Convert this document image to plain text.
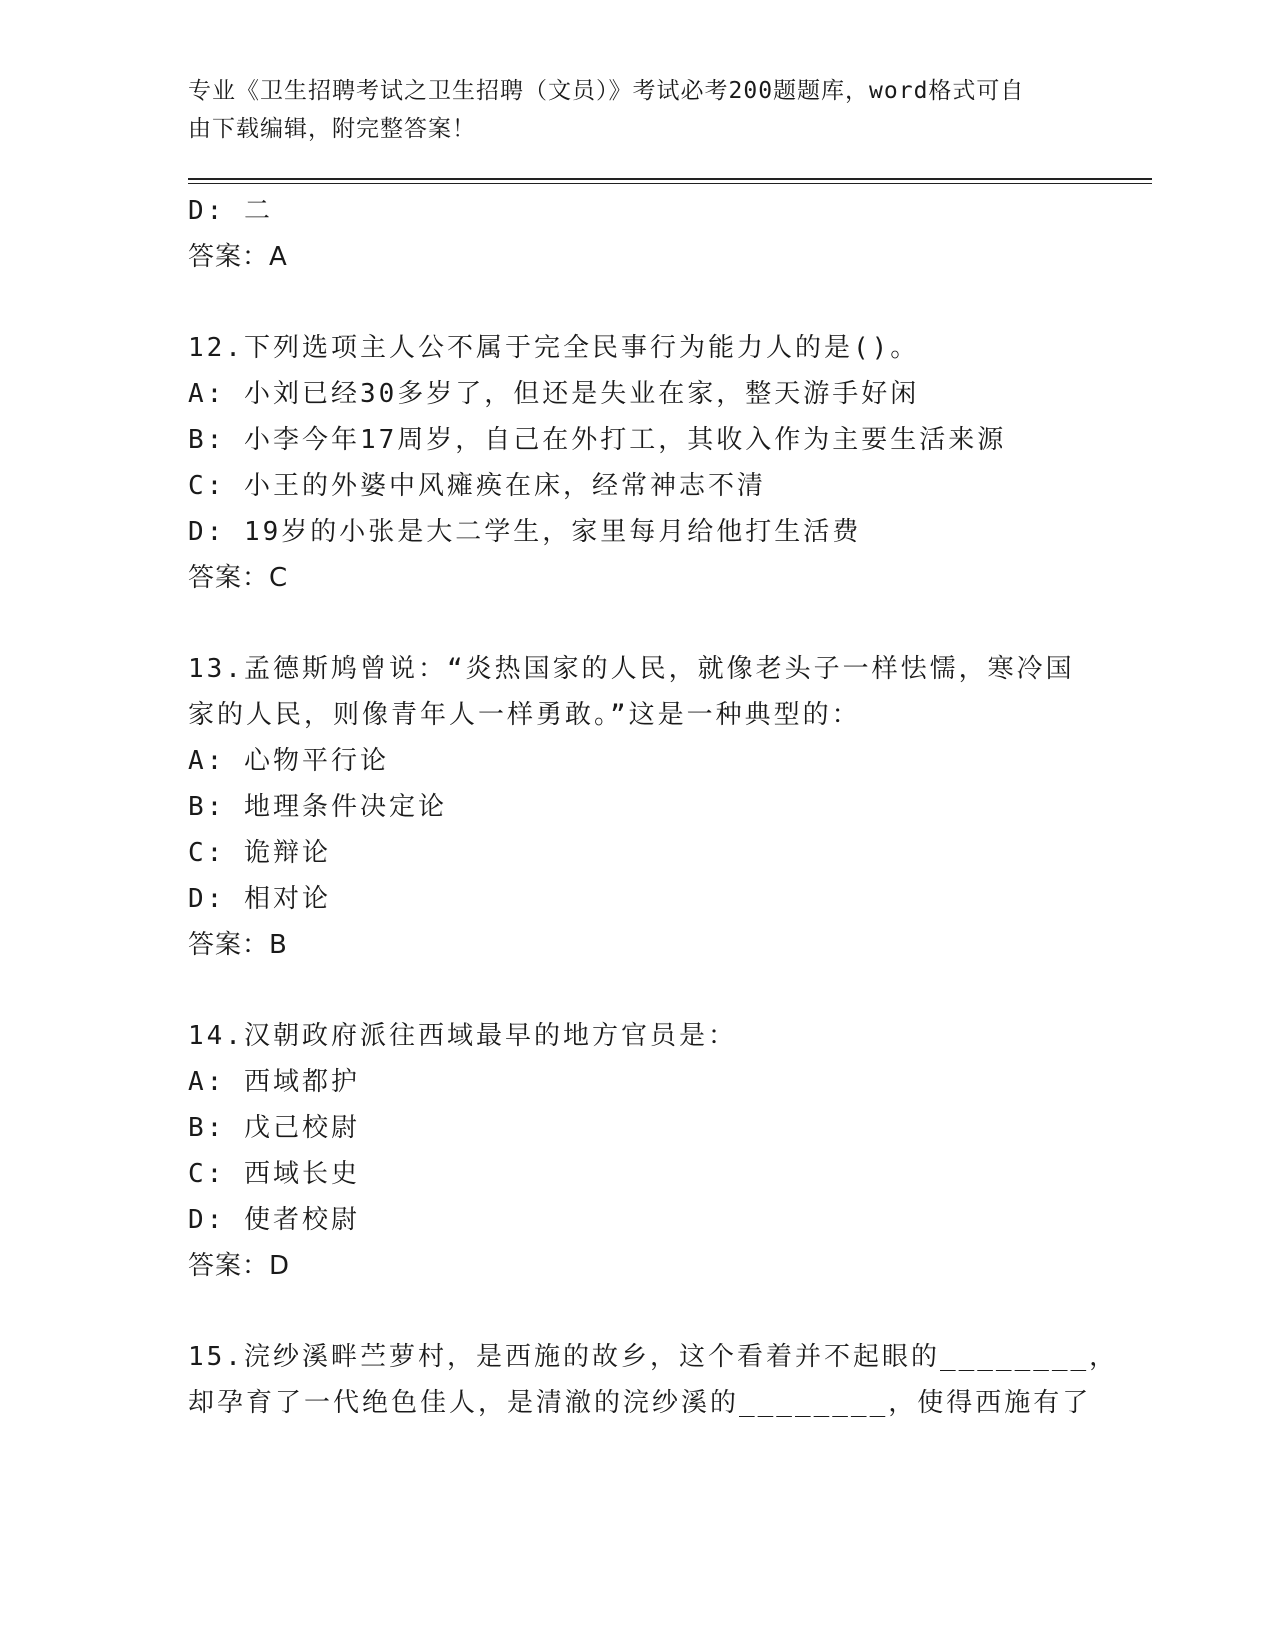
专业《卫生招聘考试之卫生招聘（文员）》考试必考200题题库，word格式可自
由下载编辑，附完整答案！
D: 二
答案：A
12.下列选项主人公不属于完全民事行为能力人的是()。
A: 小刘已经30多岁了，但还是失业在家，整天游手好闲
B: 小李今年17周岁，自己在外打工，其收入作为主要生活来源
C: 小王的外婆中风瘫痪在床，经常神志不清
D: 19岁的小张是大二学生，家里每月给他打生活费
答案：C
13.孟德斯鸠曾说：“炎热国家的人民，就像老头子一样怯懦，寒冷国
家的人民，则像青年人一样勇敢。”这是一种典型的：
A: 心物平行论
B: 地理条件决定论
C: 诡辩论
D: 相对论
答案：B
14.汉朝政府派往西域最早的地方官员是：
A: 西域都护
B: 戊己校尉
C: 西域长史
D: 使者校尉
答案：D
15.浣纱溪畔苎萝村，是西施的故乡，这个看着并不起眼的________，
却孕育了一代绝色佳人，是清澈的浣纱溪的________，使得西施有了
